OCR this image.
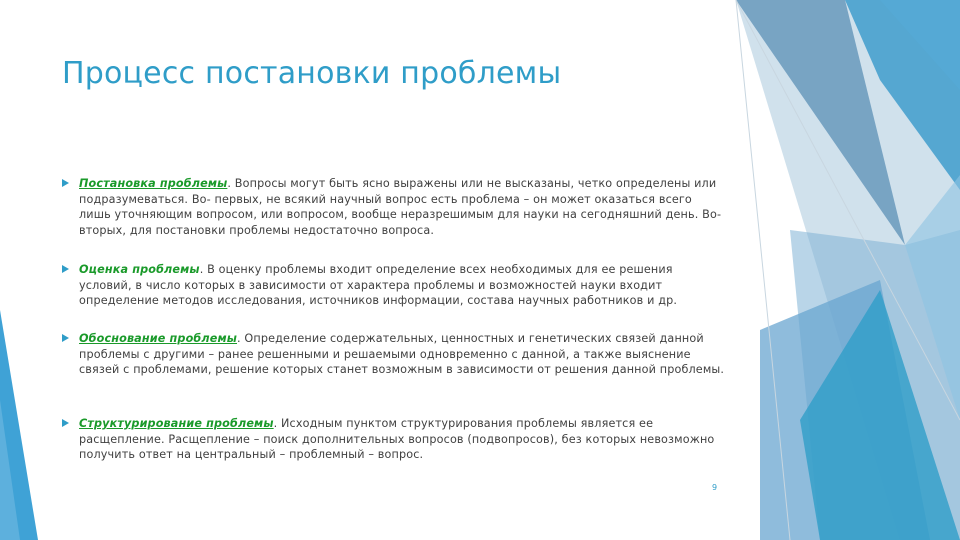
Процесс постановки проблемы
Постановка проблемы. Вопросы могут быть ясно выражены или не высказаны, четко определены или подразумеваться. Во- первых, не всякий научный вопрос есть проблема – он может оказаться всего лишь уточняющим вопросом, или вопросом, вообще неразрешимым для науки на сегодняшний день. Во-вторых, для постановки проблемы недостаточно вопроса.
Оценка проблемы. В оценку проблемы входит определение всех необходимых для ее решения условий, в число которых в зависимости от характера проблемы и возможностей науки входит определение методов исследования, источников информации, состава научных работников и др.
Обоснование проблемы. Определение содержательных, ценностных и генетических связей данной проблемы с другими – ранее решенными и решаемыми одновременно с данной, а также выяснение связей с проблемами, решение которых станет возможным в зависимости от решения данной проблемы.
Структурирование проблемы. Исходным пунктом структурирования проблемы является ее расщепление. Расщепление – поиск дополнительных вопросов (подвопросов), без которых невозможно получить ответ на центральный – проблемный – вопрос.
9
